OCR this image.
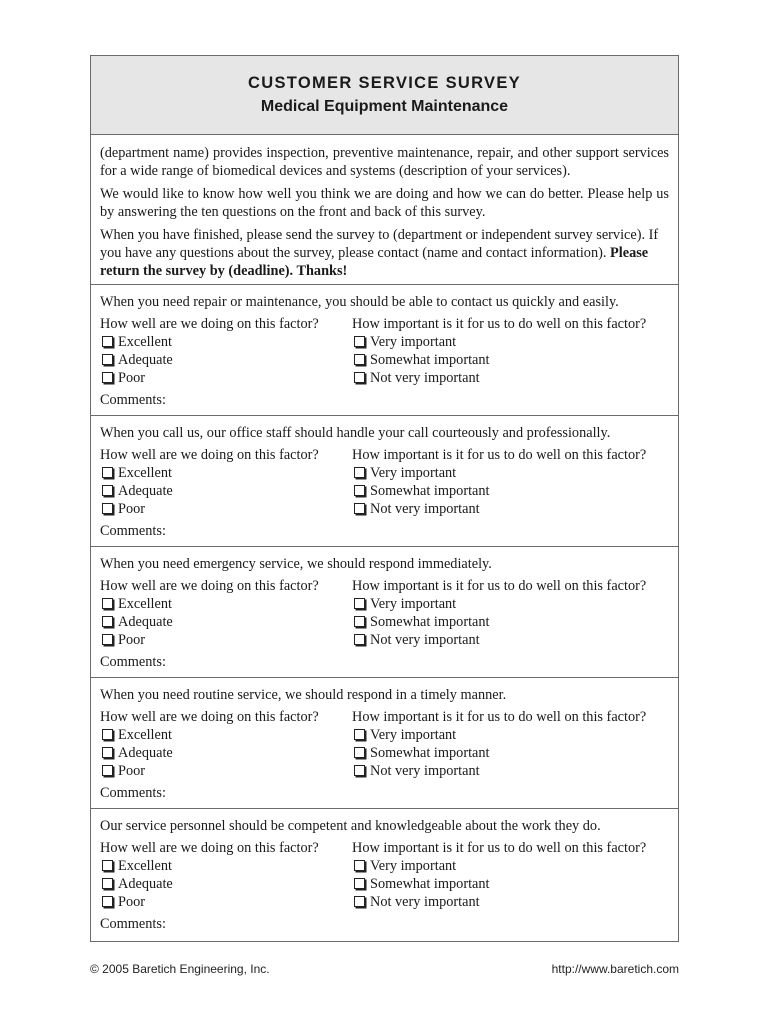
CUSTOMER SERVICE SURVEY
Medical Equipment Maintenance

(department name) provides inspection, preventive maintenance, repair, and other support services for a wide range of biomedical devices and systems (description of your services).

We would like to know how well you think we are doing and how we can do better. Please help us by answering the ten questions on the front and back of this survey.

When you have finished, please send the survey to (department or independent survey service). If you have any questions about the survey, please contact (name and contact information). Please return the survey by (deadline). Thanks!

When you need repair or maintenance, you should be able to contact us quickly and easily.
How well are we doing on this factor?
Excellent
Adequate
Poor
How important is it for us to do well on this factor?
Very important
Somewhat important
Not very important
Comments:
When you call us, our office staff should handle your call courteously and professionally.
How well are we doing on this factor?
Excellent
Adequate
Poor
How important is it for us to do well on this factor?
Very important
Somewhat important
Not very important
Comments:
When you need emergency service, we should respond immediately.
How well are we doing on this factor?
Excellent
Adequate
Poor
How important is it for us to do well on this factor?
Very important
Somewhat important
Not very important
Comments:
When you need routine service, we should respond in a timely manner.
How well are we doing on this factor?
Excellent
Adequate
Poor
How important is it for us to do well on this factor?
Very important
Somewhat important
Not very important
Comments:
Our service personnel should be competent and knowledgeable about the work they do.
How well are we doing on this factor?
Excellent
Adequate
Poor
How important is it for us to do well on this factor?
Very important
Somewhat important
Not very important
Comments:
© 2005 Baretich Engineering, Inc.	http://www.baretich.com
